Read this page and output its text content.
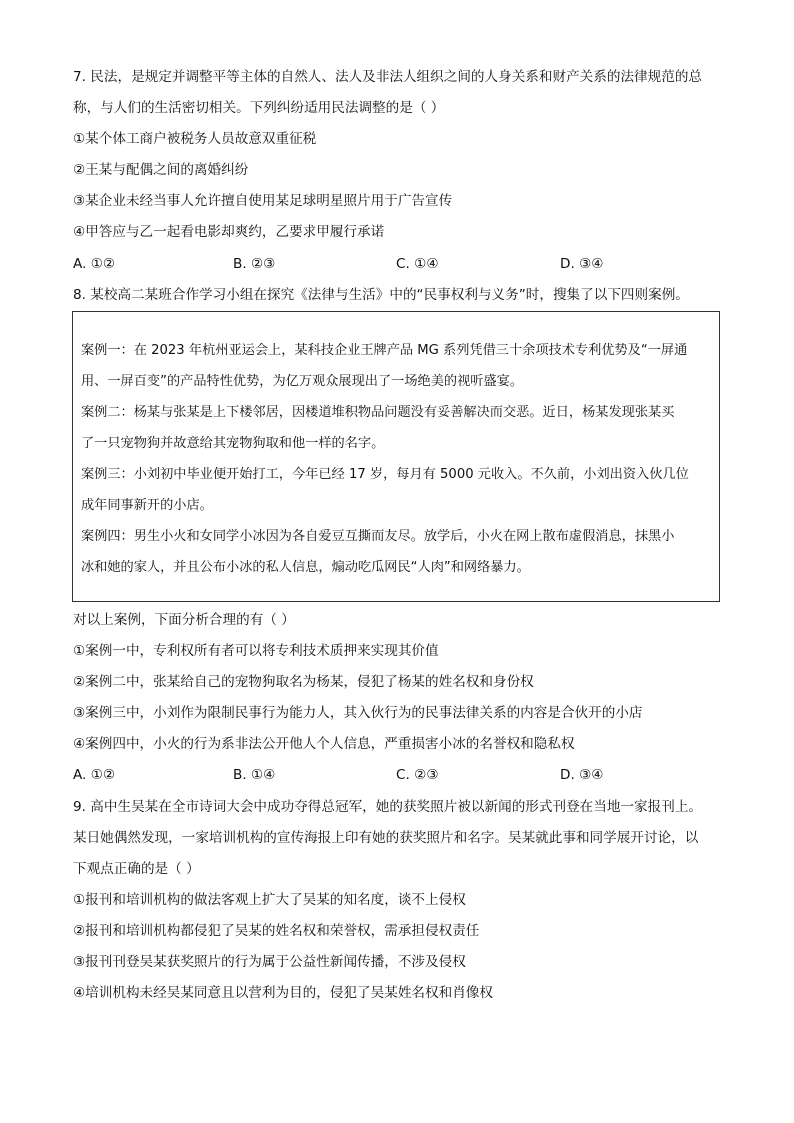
7. 民法，是规定并调整平等主体的自然人、法人及非法人组织之间的人身关系和财产关系的法律规范的总
称，与人们的生活密切相关。下列纠纷适用民法调整的是（ ）
①某个体工商户被税务人员故意双重征税
②王某与配偶之间的离婚纠纷
③某企业未经当事人允许擅自使用某足球明星照片用于广告宣传
④甲答应与乙一起看电影却爽约，乙要求甲履行承诺
A. ①②	B. ②③	C. ①④	D. ③④
8. 某校高二某班合作学习小组在探究《法律与生活》中的“民事权利与义务”时，搜集了以下四则案例。
案例一：在 2023 年杭州亚运会上，某科技企业王牌产品 MG 系列凭借三十余项技术专利优势及“一屏通
用、一屏百变”的产品特性优势，为亿万观众展现出了一场绝美的视听盛宴。
案例二：杨某与张某是上下楼邻居，因楼道堆积物品问题没有妥善解决而交恶。近日，杨某发现张某买
了一只宠物狗并故意给其宠物狗取和他一样的名字。
案例三：小刘初中毕业便开始打工，今年已经 17 岁，每月有 5000 元收入。不久前，小刘出资入伙几位
成年同事新开的小店。
案例四：男生小火和女同学小冰因为各自爱豆互撕而友尽。放学后，小火在网上散布虚假消息，抹黑小
冰和她的家人，并且公布小冰的私人信息，煽动吃瓜网民“人肉”和网络暴力。
对以上案例，下面分析合理的有（ ）
①案例一中，专利权所有者可以将专利技术质押来实现其价值
②案例二中，张某给自己的宠物狗取名为杨某，侵犯了杨某的姓名权和身份权
③案例三中，小刘作为限制民事行为能力人，其入伙行为的民事法律关系的内容是合伙开的小店
④案例四中，小火的行为系非法公开他人个人信息，严重损害小冰的名誉权和隐私权
A. ①②	B. ①④	C. ②③	D. ③④
9. 高中生吴某在全市诗词大会中成功夺得总冠军，她的获奖照片被以新闻的形式刊登在当地一家报刊上。
某日她偶然发现，一家培训机构的宣传海报上印有她的获奖照片和名字。吴某就此事和同学展开讨论，以
下观点正确的是（ ）
①报刊和培训机构的做法客观上扩大了吴某的知名度，谈不上侵权
②报刊和培训机构都侵犯了吴某的姓名权和荣誉权，需承担侵权责任
③报刊刊登吴某获奖照片的行为属于公益性新闻传播，不涉及侵权
④培训机构未经吴某同意且以营利为目的，侵犯了吴某姓名权和肖像权
